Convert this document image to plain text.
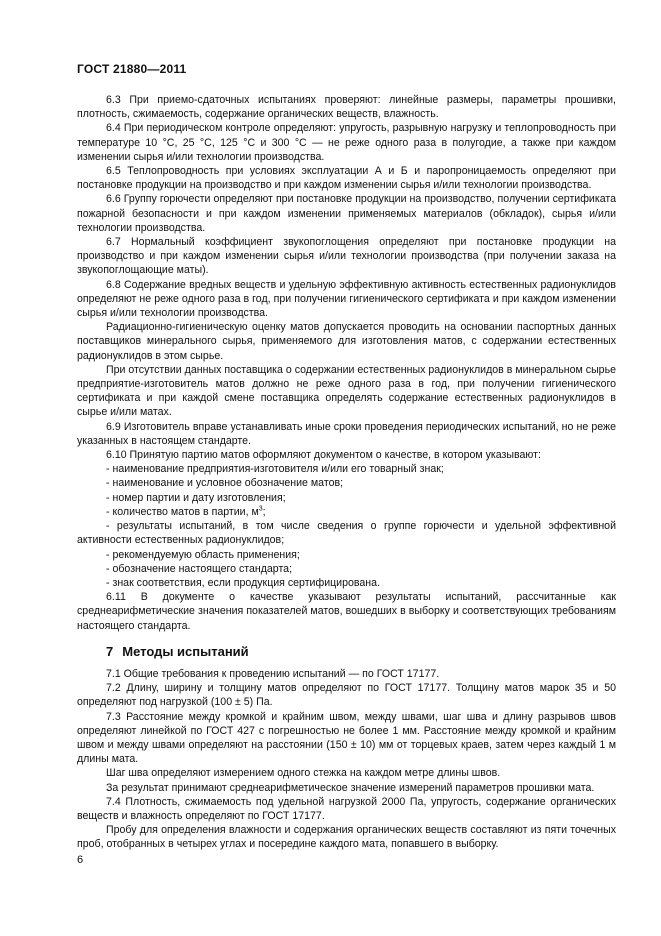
ГОСТ 21880—2011

6.3 При приемо-сдаточных испытаниях проверяют: линейные размеры, параметры прошивки, плотность, сжимаемость, содержание органических веществ, влажность.

6.4 При периодическом контроле определяют: упругость, разрывную нагрузку и теплопроводность при температуре 10 °C, 25 °C, 125 °C и 300 °C — не реже одного раза в полугодие, а также при каждом изменении сырья и/или технологии производства.

6.5 Теплопроводность при условиях эксплуатации А и Б и паропроницаемость определяют при постановке продукции на производство и при каждом изменении сырья и/или технологии производства.

6.6 Группу горючести определяют при постановке продукции на производство, получении сертификата пожарной безопасности и при каждом изменении применяемых материалов (обкладок), сырья и/или технологии производства.

6.7 Нормальный коэффициент звукопоглощения определяют при постановке продукции на производство и при каждом изменении сырья и/или технологии производства (при получении заказа на звукопоглощающие маты).

6.8 Содержание вредных веществ и удельную эффективную активность естественных радионуклидов определяют не реже одного раза в год, при получении гигиенического сертификата и при каждом изменении сырья и/или технологии производства.

Радиационно-гигиеническую оценку матов допускается проводить на основании паспортных данных поставщиков минерального сырья, применяемого для изготовления матов, с содержании естественных радионуклидов в этом сырье.

При отсутствии данных поставщика о содержании естественных радионуклидов в минеральном сырье предприятие-изготовитель матов должно не реже одного раза в год, при получении гигиенического сертификата и при каждой смене поставщика определять содержание естественных радионуклидов в сырье и/или матах.

6.9 Изготовитель вправе устанавливать иные сроки проведения периодических испытаний, но не реже указанных в настоящем стандарте.

6.10 Принятую партию матов оформляют документом о качестве, в котором указывают:

- наименование предприятия-изготовителя и/или его товарный знак;

- наименование и условное обозначение матов;

- номер партии и дату изготовления;

- количество матов в партии, $м^3$;

- результаты испытаний, в том числе сведения о группе горючести и удельной эффективной активности естественных радионуклидов;

- рекомендуемую область применения;

- обозначение настоящего стандарта;

- знак соответствия, если продукция сертифицирована.

6.11 В документе о качестве указывают результаты испытаний, рассчитанные как среднеарифметические значения показателей матов, вошедших в выборку и соответствующих требованиям настоящего стандарта.

7 Методы испытаний

7.1 Общие требования к проведению испытаний — по ГОСТ 17177.

7.2 Длину, ширину и толщину матов определяют по ГОСТ 17177. Толщину матов марок 35 и 50 определяют под нагрузкой (100 ± 5) Па.

7.3 Расстояние между кромкой и крайним швом, между швами, шаг шва и длину разрывов швов определяют линейкой по ГОСТ 427 с погрешностью не более 1 мм. Расстояние между кромкой и крайним швом и между швами определяют на расстоянии (150 ± 10) мм от торцевых краев, затем через каждый 1 м длины мата.

Шаг шва определяют измерением одного стежка на каждом метре длины швов.

За результат принимают среднеарифметическое значение измерений параметров прошивки мата.

7.4 Плотность, сжимаемость под удельной нагрузкой 2000 Па, упругость, содержание органических веществ и влажность определяют по ГОСТ 17177.

Пробу для определения влажности и содержания органических веществ составляют из пяти точечных проб, отобранных в четырех углах и посередине каждого мата, попавшего в выборку.

6
